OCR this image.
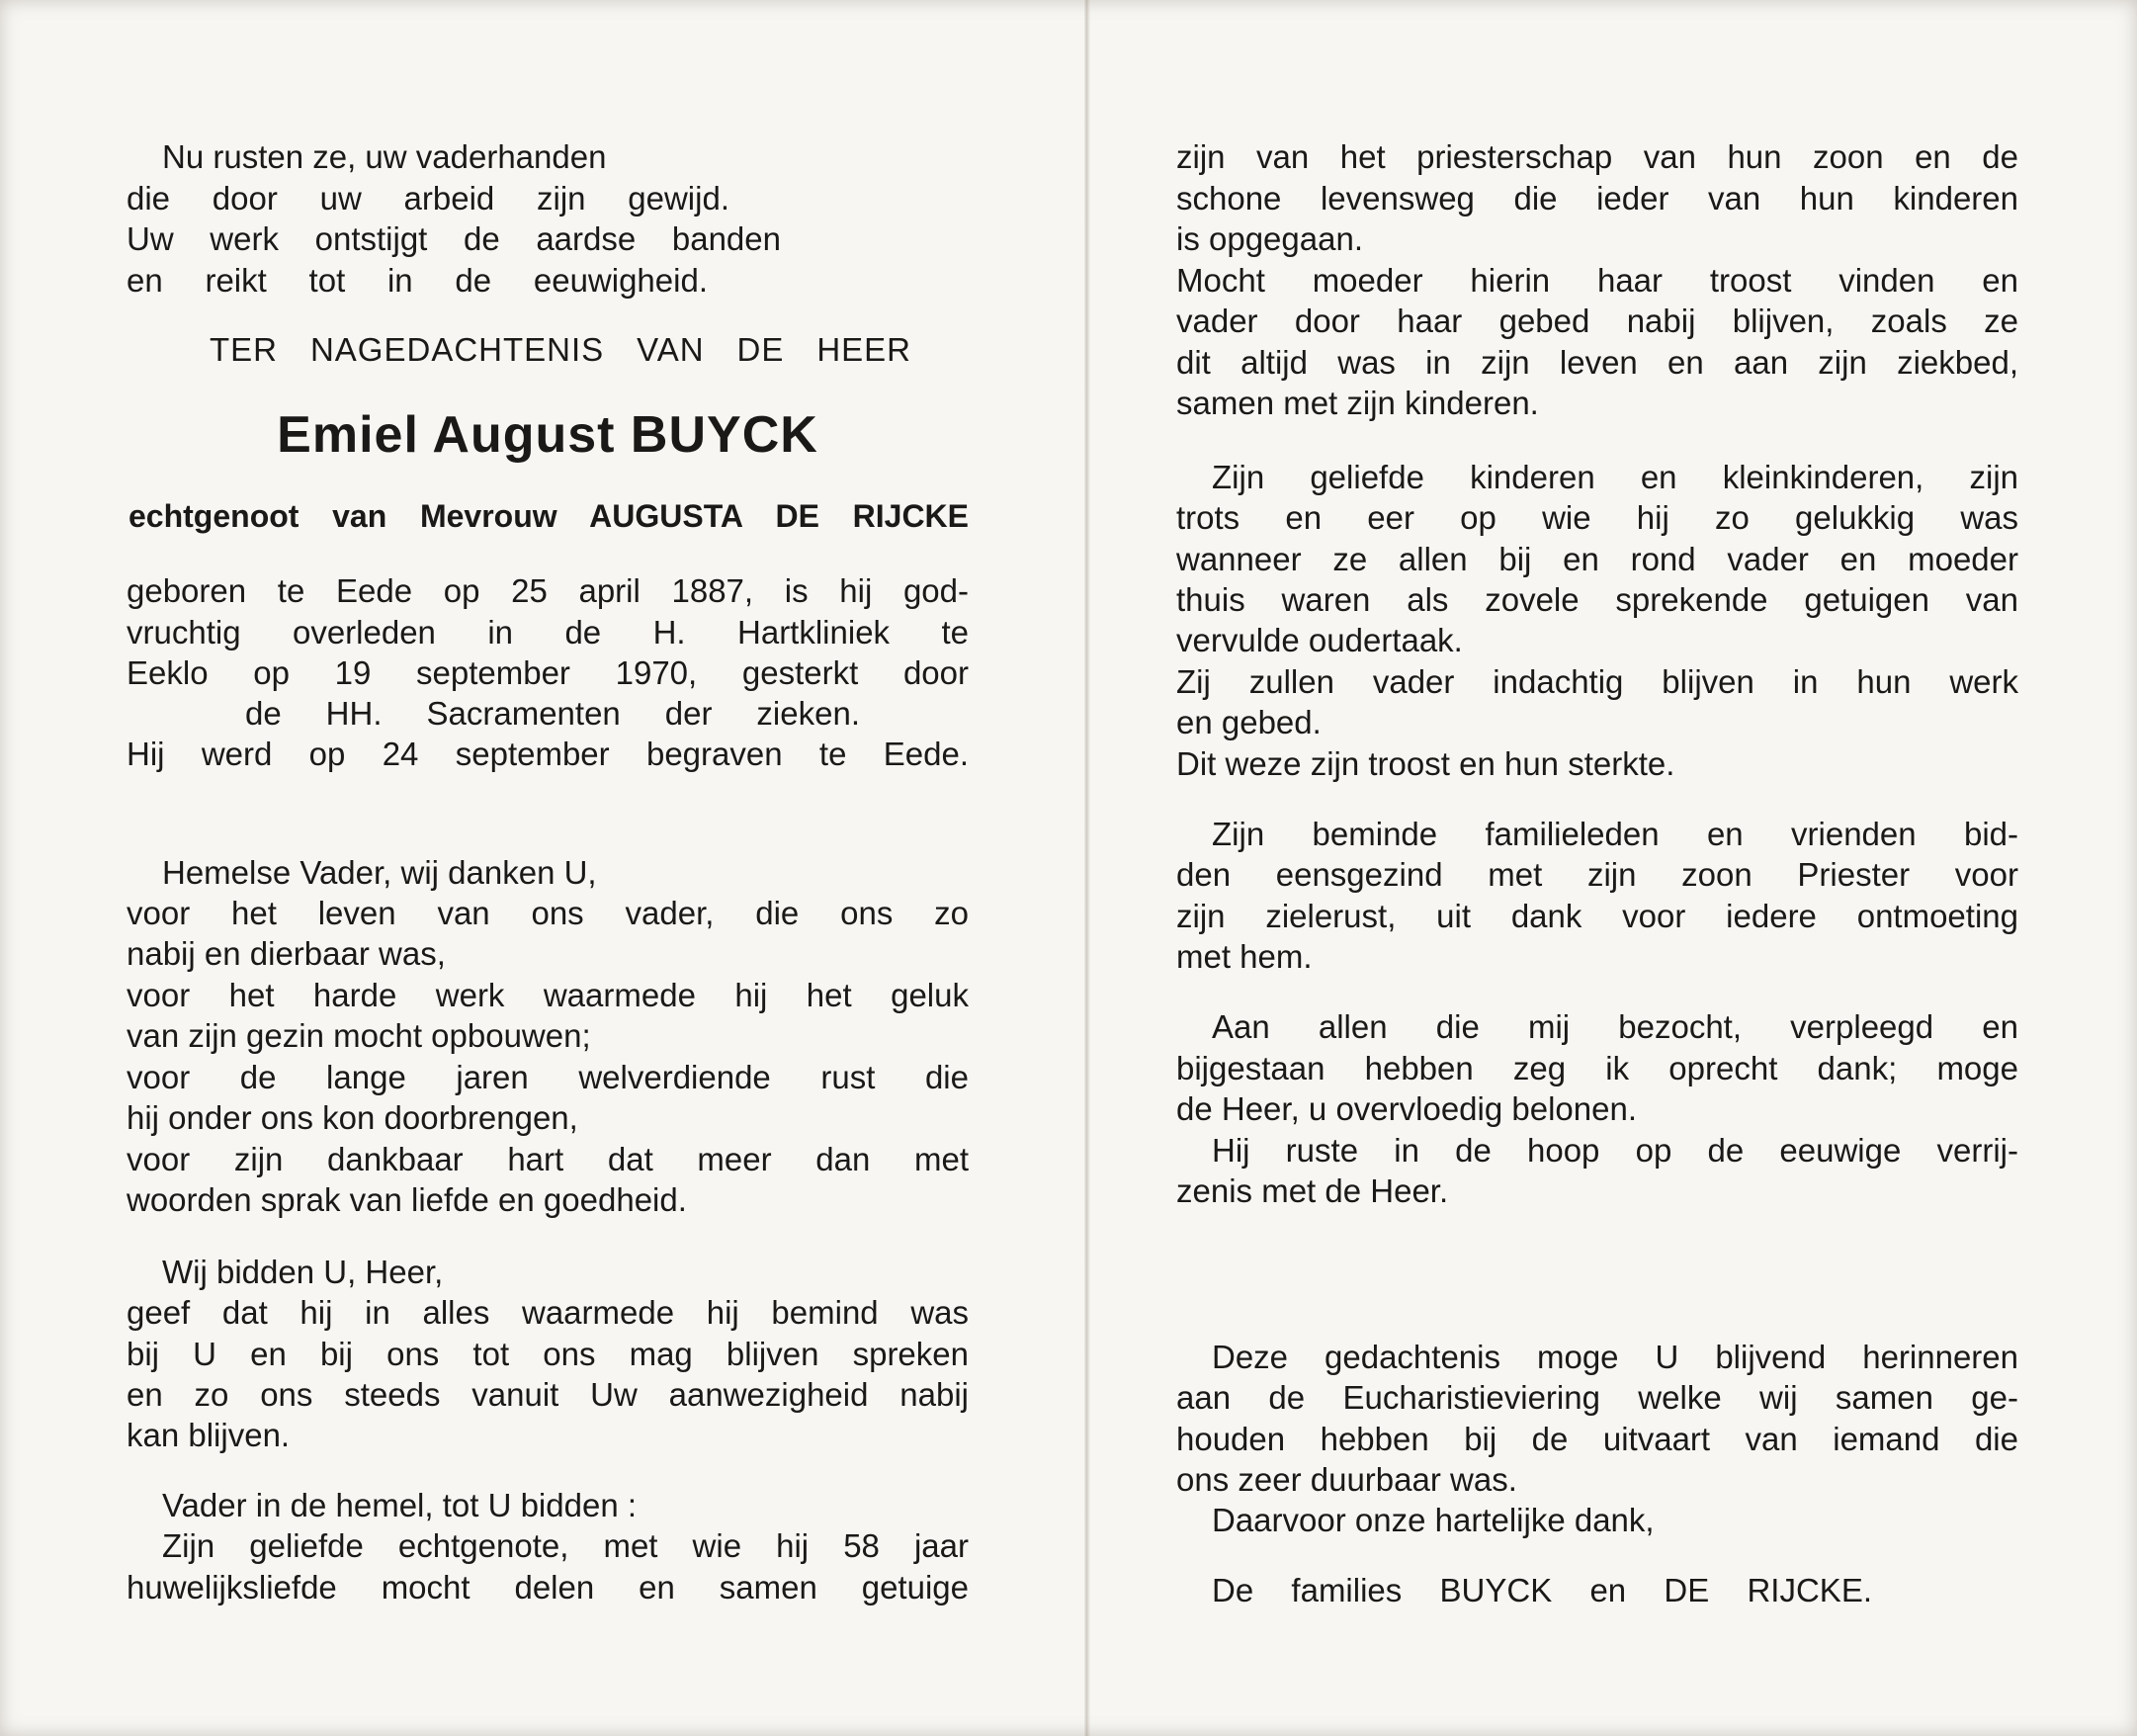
Nu rusten ze, uw vaderhanden
die door uw arbeid zijn gewijd.
Uw werk ontstijgt de aardse banden
en reikt tot in de eeuwigheid.
TER NAGEDACHTENIS VAN DE HEER
Emiel August BUYCK
echtgenoot van Mevrouw AUGUSTA DE RIJCKE
geboren te Eede op 25 april 1887, is hij god-
vruchtig overleden in de H. Hartkliniek te
Eeklo op 19 september 1970, gesterkt door
de HH. Sacramenten der zieken.
Hij werd op 24 september begraven te Eede.
Hemelse Vader, wij danken U,
voor het leven van ons vader, die ons zo
nabij en dierbaar was,
voor het harde werk waarmede hij het geluk
van zijn gezin mocht opbouwen;
voor de lange jaren welverdiende rust die
hij onder ons kon doorbrengen,
voor zijn dankbaar hart dat meer dan met
woorden sprak van liefde en goedheid.
Wij bidden U, Heer,
geef dat hij in alles waarmede hij bemind was
bij U en bij ons tot ons mag blijven spreken
en zo ons steeds vanuit Uw aanwezigheid nabij
kan blijven.
Vader in de hemel, tot U bidden :
Zijn geliefde echtgenote, met wie hij 58 jaar
huwelijksliefde mocht delen en samen getuige
zijn van het priesterschap van hun zoon en de
schone levensweg die ieder van hun kinderen
is opgegaan.
Mocht moeder hierin haar troost vinden en
vader door haar gebed nabij blijven, zoals ze
dit altijd was in zijn leven en aan zijn ziekbed,
samen met zijn kinderen.
Zijn geliefde kinderen en kleinkinderen, zijn
trots en eer op wie hij zo gelukkig was
wanneer ze allen bij en rond vader en moeder
thuis waren als zovele sprekende getuigen van
vervulde oudertaak.
Zij zullen vader indachtig blijven in hun werk
en gebed.
Dit weze zijn troost en hun sterkte.
Zijn beminde familieleden en vrienden bid-
den eensgezind met zijn zoon Priester voor
zijn zielerust, uit dank voor iedere ontmoeting
met hem.
Aan allen die mij bezocht, verpleegd en
bijgestaan hebben zeg ik oprecht dank; moge
de Heer, u overvloedig belonen.
Hij ruste in de hoop op de eeuwige verrij-
zenis met de Heer.
Deze gedachtenis moge U blijvend herinneren
aan de Eucharistieviering welke wij samen ge-
houden hebben bij de uitvaart van iemand die
ons zeer duurbaar was.
Daarvoor onze hartelijke dank,
De families BUYCK en DE RIJCKE.
